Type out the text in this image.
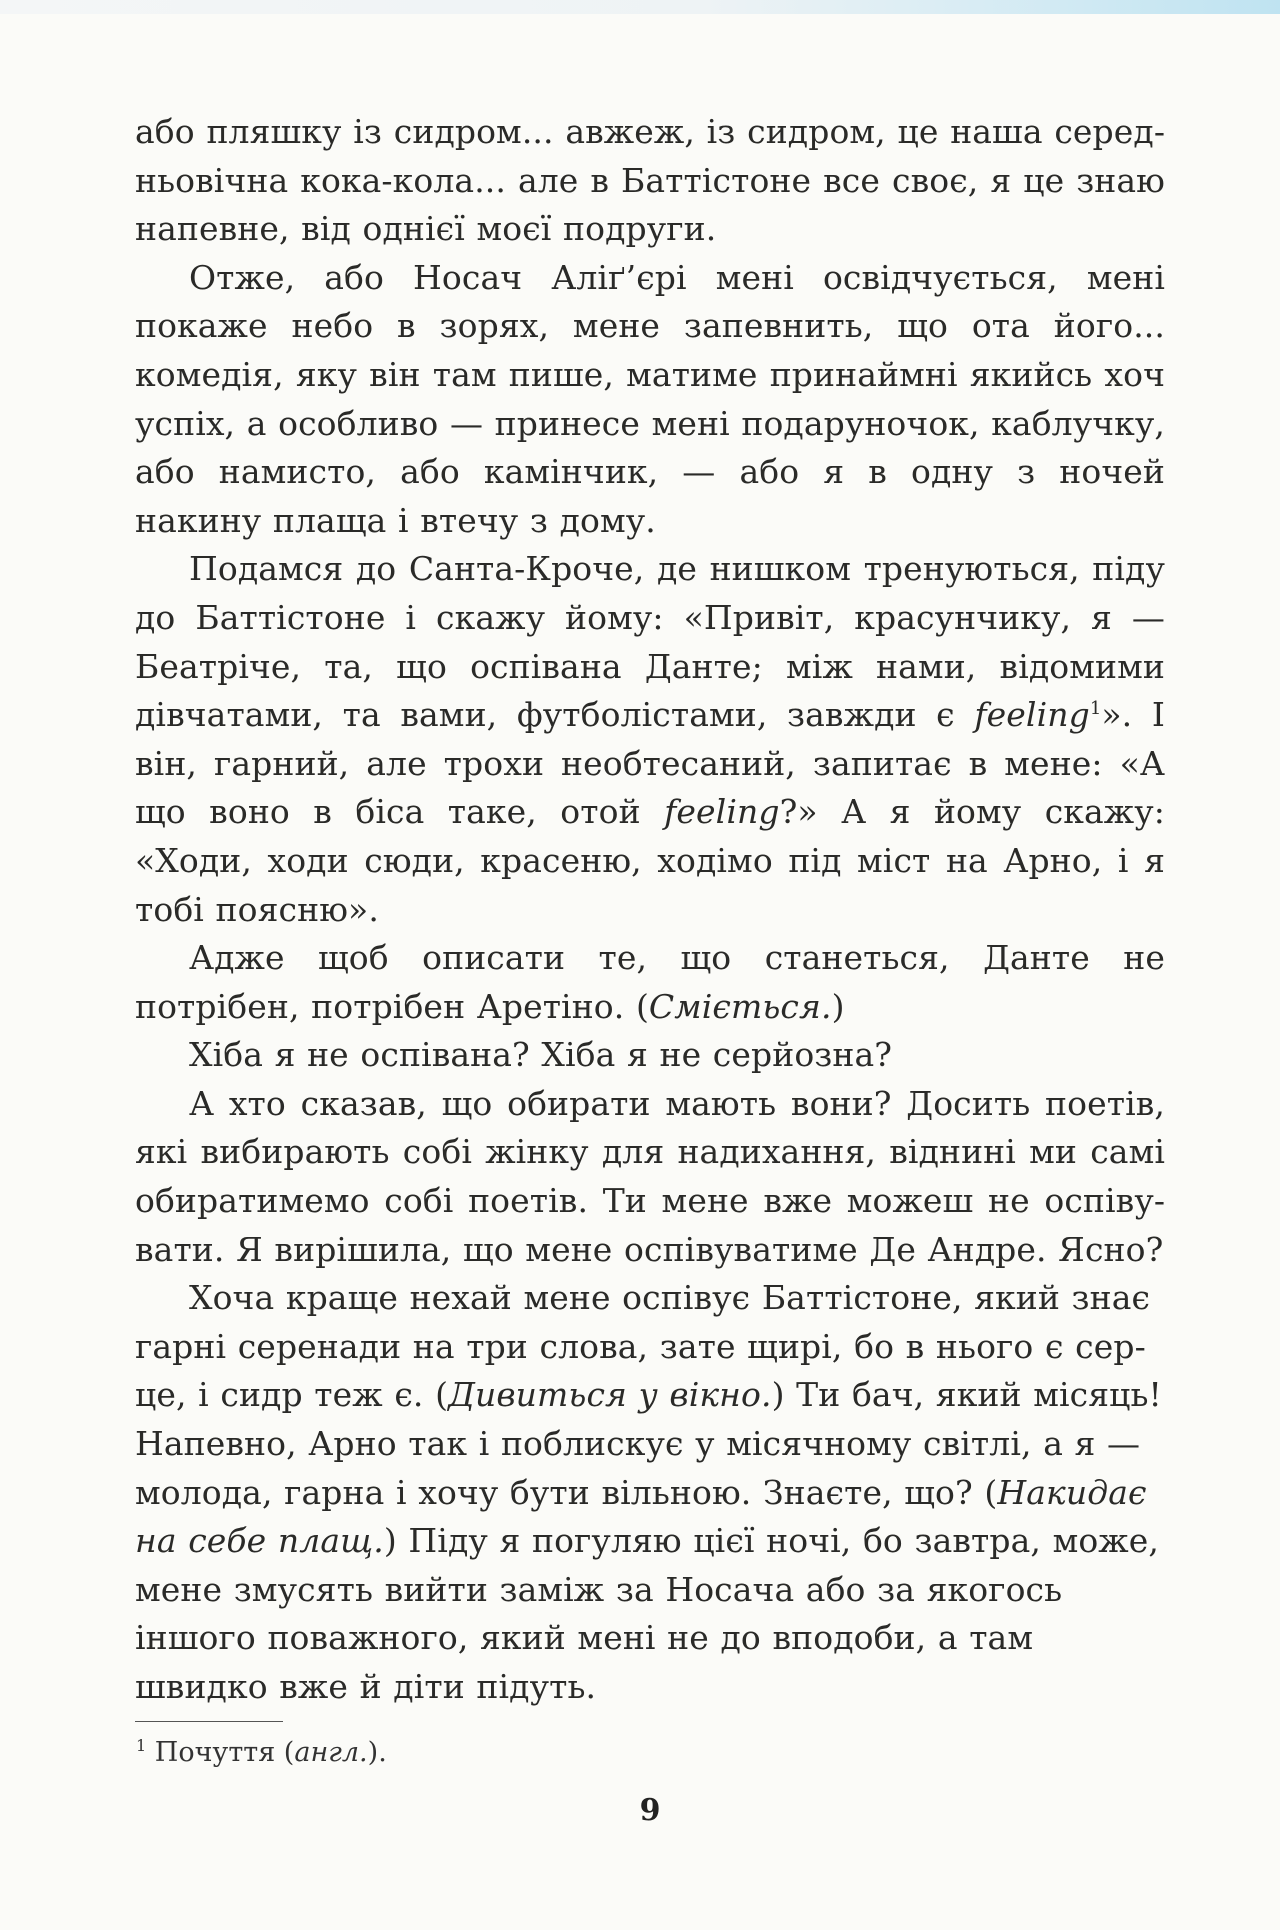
або пляшку із сидром... авжеж, із сидром, це наша середньовічна кока-кола... але в Баттістоне все своє, я це знаю напевне, від однієї моєї подруги.

Отже, або Носач Аліґ’єрі мені освідчується, мені покаже небо в зорях, мене запевнить, що ота його... комедія, яку він там пише, матиме принаймні якийсь хоч успіх, а особливо — принесе мені подаруночок, каблучку, або намисто, або камінчик, — або я в одну з ночей накину плаща і втечу з дому.

Подамся до Санта-Кроче, де нишком тренуються, піду до Баттістоне і скажу йому: «Привіт, красунчику, я — Беатріче, та, що оспівана Данте; між нами, відомими дівчатами, та вами, футболістами, завжди є feeling$^1$». І він, гарний, але трохи необтесаний, запитає в мене: «А що воно в біса таке, отой feeling?» А я йому скажу: «Ходи, ходи сюди, красеню, ходімо під міст на Арно, і я тобі поясню».

Адже щоб описати те, що станеться, Данте не потрібен, потрібен Аретіно. (Сміється.)

Хіба я не оспівана? Хіба я не серйозна?

А хто сказав, що обирати мають вони? Досить поетів, які вибирають собі жінку для надихання, віднині ми самі обиратимемо собі поетів. Ти мене вже можеш не оспівувати. Я вирішила, що мене оспівуватиме Де Андре. Ясно?

Хоча краще нехай мене оспівує Баттістоне, який знає гарні серенади на три слова, зате щирі, бо в нього є серце, і сидр теж є. (Дивиться у вікно.) Ти бач, який місяць! Напевно, Арно так і поблискує у місячному світлі, а я — молода, гарна і хочу бути вільною. Знаєте, що? (Накидає на себе плащ.) Піду я погуляю цієї ночі, бо завтра, може, мене змусять вийти заміж за Носача або за якогось іншого поважного, який мені не до вподоби, а там швидко вже й діти підуть.

$^1$ Почуття (англ.).
9
